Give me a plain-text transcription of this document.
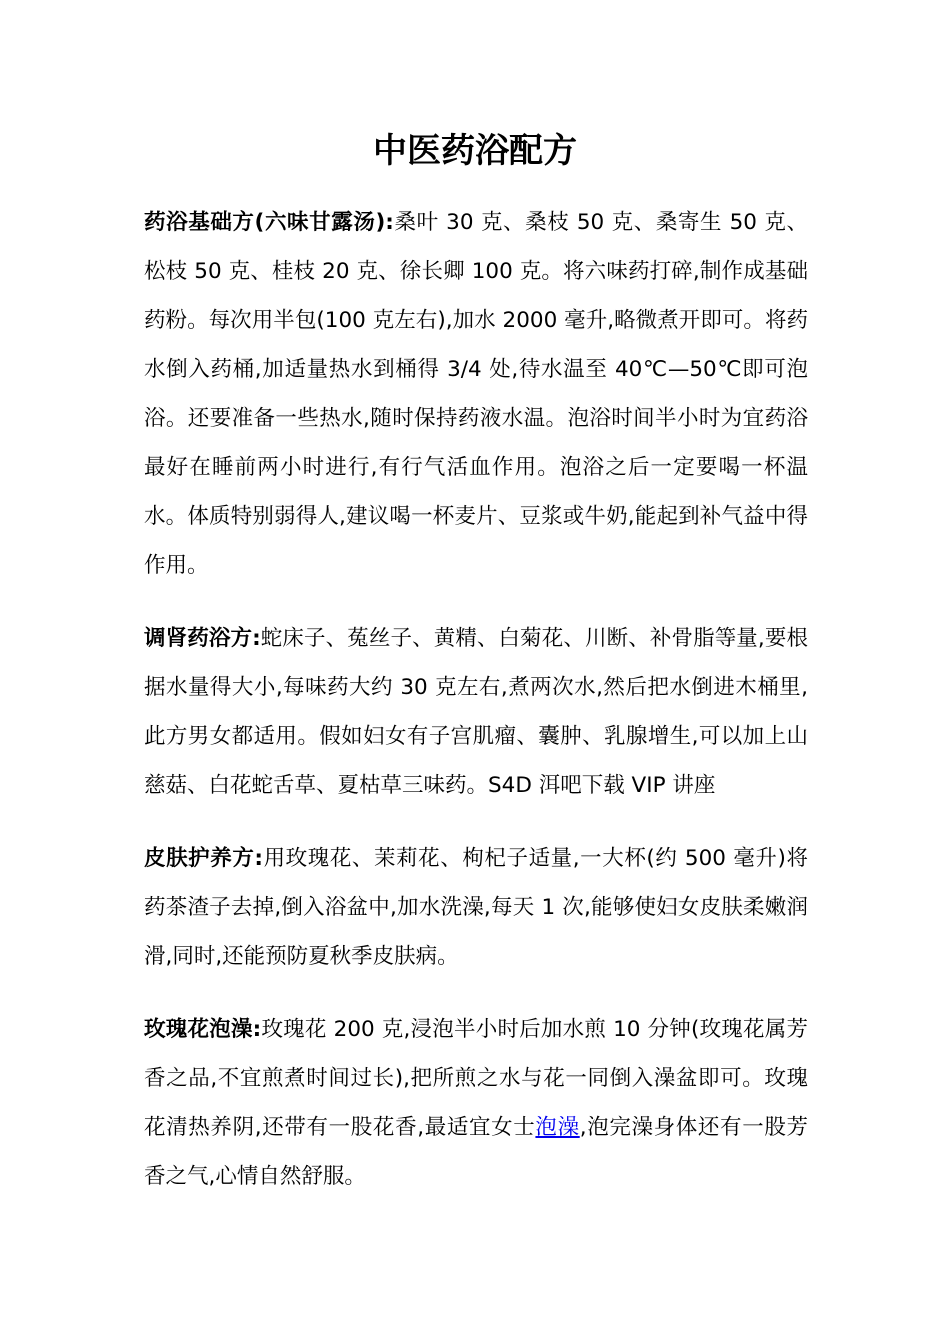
中医药浴配方

药浴基础方(六味甘露汤):桑叶 30 克、桑枝 50 克、桑寄生 50 克、松枝 50 克、桂枝 20 克、徐长卿 100 克。将六味药打碎,制作成基础药粉。每次用半包(100 克左右),加水 2000 毫升,略微煮开即可。将药水倒入药桶,加适量热水到桶得 3/4 处,待水温至 40℃—50℃即可泡浴。还要准备一些热水,随时保持药液水温。泡浴时间半小时为宜药浴最好在睡前两小时进行,有行气活血作用。泡浴之后一定要喝一杯温水。体质特别弱得人,建议喝一杯麦片、豆浆或牛奶,能起到补气益中得作用。

调肾药浴方:蛇床子、菟丝子、黄精、白菊花、川断、补骨脂等量,要根据水量得大小,每味药大约 30 克左右,煮两次水,然后把水倒进木桶里,此方男女都适用。假如妇女有子宫肌瘤、囊肿、乳腺增生,可以加上山慈菇、白花蛇舌草、夏枯草三味药。S4D 洱吧下载 VIP 讲座

皮肤护养方:用玫瑰花、茉莉花、枸杞子适量,一大杯(约 500 毫升)将药茶渣子去掉,倒入浴盆中,加水洗澡,每天 1 次,能够使妇女皮肤柔嫩润滑,同时,还能预防夏秋季皮肤病。

玫瑰花泡澡:玫瑰花 200 克,浸泡半小时后加水煎 10 分钟(玫瑰花属芳香之品,不宜煎煮时间过长),把所煎之水与花一同倒入澡盆即可。玫瑰花清热养阴,还带有一股花香,最适宜女士泡澡,泡完澡身体还有一股芳香之气,心情自然舒服。
